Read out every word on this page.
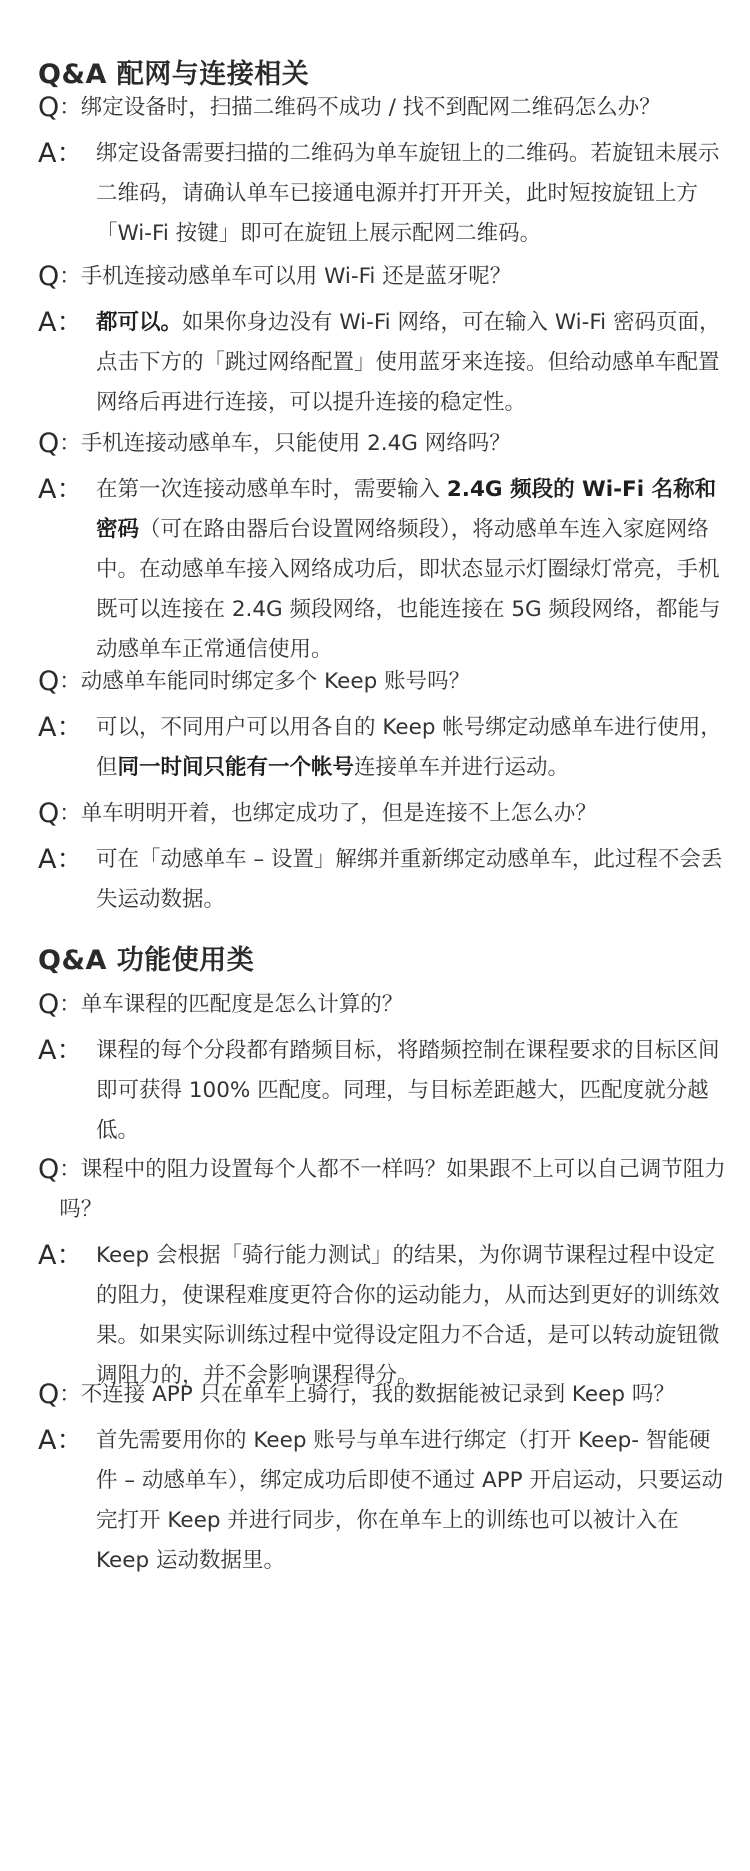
Q&A 配网与连接相关
Q ：绑定设备时，扫描二维码不成功 / 找不到配网二维码怎么办？
A： 绑定设备需要扫描的二维码为单车旋钮上的二维码。若旋钮未展示二维码，请确认单车已接通电源并打开开关，此时短按旋钮上方「Wi-Fi 按键」即可在旋钮上展示配网二维码。
Q ：手机连接动感单车可以用 Wi-Fi 还是蓝牙呢？
A： 都可以。如果你身边没有 Wi-Fi 网络，可在输入 Wi-Fi 密码页面，点击下方的「跳过网络配置」使用蓝牙来连接。但给动感单车配置网络后再进行连接，可以提升连接的稳定性。
Q ：手机连接动感单车，只能使用 2.4G 网络吗？
A： 在第一次连接动感单车时，需要输入 2.4G 频段的 Wi-Fi 名称和密码（可在路由器后台设置网络频段），将动感单车连入家庭网络中。在动感单车接入网络成功后，即状态显示灯圈绿灯常亮，手机既可以连接在 2.4G 频段网络，也能连接在 5G 频段网络，都能与动感单车正常通信使用。
Q ：动感单车能同时绑定多个 Keep 账号吗？
A： 可以，不同用户可以用各自的 Keep 帐号绑定动感单车进行使用，但同一时间只能有一个帐号连接单车并进行运动。
Q ：单车明明开着，也绑定成功了，但是连接不上怎么办？
A： 可在「动感单车 – 设置」解绑并重新绑定动感单车，此过程不会丢失运动数据。
Q&A 功能使用类
Q ：单车课程的匹配度是怎么计算的？
A： 课程的每个分段都有踏频目标，将踏频控制在课程要求的目标区间即可获得 100% 匹配度。同理，与目标差距越大，匹配度就分越低。
Q ：课程中的阻力设置每个人都不一样吗？如果跟不上可以自己调节阻力吗？
A： Keep 会根据「骑行能力测试」的结果，为你调节课程过程中设定的阻力，使课程难度更符合你的运动能力，从而达到更好的训练效果。如果实际训练过程中觉得设定阻力不合适，是可以转动旋钮微调阻力的，并不会影响课程得分。
Q ：不连接 APP 只在单车上骑行，我的数据能被记录到 Keep 吗？
A： 首先需要用你的 Keep 账号与单车进行绑定（打开 Keep- 智能硬件 – 动感单车），绑定成功后即使不通过 APP 开启运动，只要运动完打开 Keep 并进行同步，你在单车上的训练也可以被计入在 Keep 运动数据里。
